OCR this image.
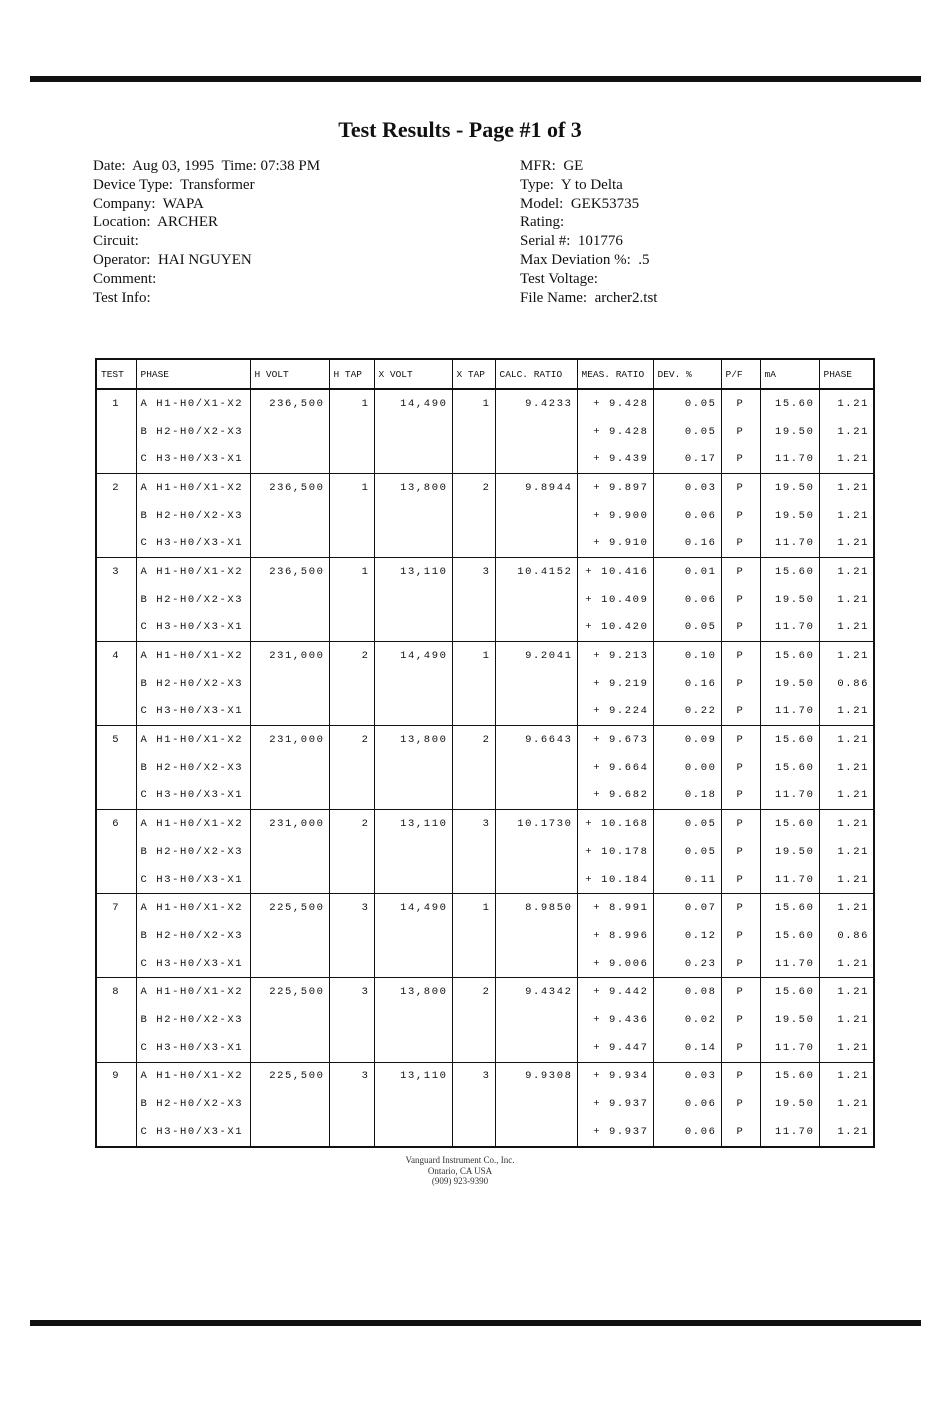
Test Results - Page #1 of 3
Date:  Aug 03, 1995  Time: 07:38 PM
Device Type:  Transformer
Company:  WAPA
Location:  ARCHER
Circuit:
Operator:  HAI NGUYEN
Comment:
Test Info:
MFR:  GE
Type:  Y to Delta
Model:  GEK53735
Rating:
Serial #:  101776
Max Deviation %:  .5
Test Voltage:
File Name:  archer2.tst
TEST	PHASE	H VOLT	H TAP	X VOLT	X TAP	CALC. RATIO	MEAS. RATIO	DEV. %	P/F	mA	PHASE
1	A H1-H0/X1-X2	236,500	1	14,490	1	9.4233	+ 9.428	0.05	P	15.60	1.21
	B H2-H0/X2-X3						+ 9.428	0.05	P	19.50	1.21
	C H3-H0/X3-X1						+ 9.439	0.17	P	11.70	1.21
2	A H1-H0/X1-X2	236,500	1	13,800	2	9.8944	+ 9.897	0.03	P	19.50	1.21
	B H2-H0/X2-X3						+ 9.900	0.06	P	19.50	1.21
	C H3-H0/X3-X1						+ 9.910	0.16	P	11.70	1.21
3	A H1-H0/X1-X2	236,500	1	13,110	3	10.4152	+ 10.416	0.01	P	15.60	1.21
	B H2-H0/X2-X3						+ 10.409	0.06	P	19.50	1.21
	C H3-H0/X3-X1						+ 10.420	0.05	P	11.70	1.21
4	A H1-H0/X1-X2	231,000	2	14,490	1	9.2041	+ 9.213	0.10	P	15.60	1.21
	B H2-H0/X2-X3						+ 9.219	0.16	P	19.50	0.86
	C H3-H0/X3-X1						+ 9.224	0.22	P	11.70	1.21
5	A H1-H0/X1-X2	231,000	2	13,800	2	9.6643	+ 9.673	0.09	P	15.60	1.21
	B H2-H0/X2-X3						+ 9.664	0.00	P	15.60	1.21
	C H3-H0/X3-X1						+ 9.682	0.18	P	11.70	1.21
6	A H1-H0/X1-X2	231,000	2	13,110	3	10.1730	+ 10.168	0.05	P	15.60	1.21
	B H2-H0/X2-X3						+ 10.178	0.05	P	19.50	1.21
	C H3-H0/X3-X1						+ 10.184	0.11	P	11.70	1.21
7	A H1-H0/X1-X2	225,500	3	14,490	1	8.9850	+ 8.991	0.07	P	15.60	1.21
	B H2-H0/X2-X3						+ 8.996	0.12	P	15.60	0.86
	C H3-H0/X3-X1						+ 9.006	0.23	P	11.70	1.21
8	A H1-H0/X1-X2	225,500	3	13,800	2	9.4342	+ 9.442	0.08	P	15.60	1.21
	B H2-H0/X2-X3						+ 9.436	0.02	P	19.50	1.21
	C H3-H0/X3-X1						+ 9.447	0.14	P	11.70	1.21
9	A H1-H0/X1-X2	225,500	3	13,110	3	9.9308	+ 9.934	0.03	P	15.60	1.21
	B H2-H0/X2-X3						+ 9.937	0.06	P	19.50	1.21
	C H3-H0/X3-X1						+ 9.937	0.06	P	11.70	1.21
Vanguard Instrument Co., Inc.
Ontario, CA USA
(909) 923-9390
